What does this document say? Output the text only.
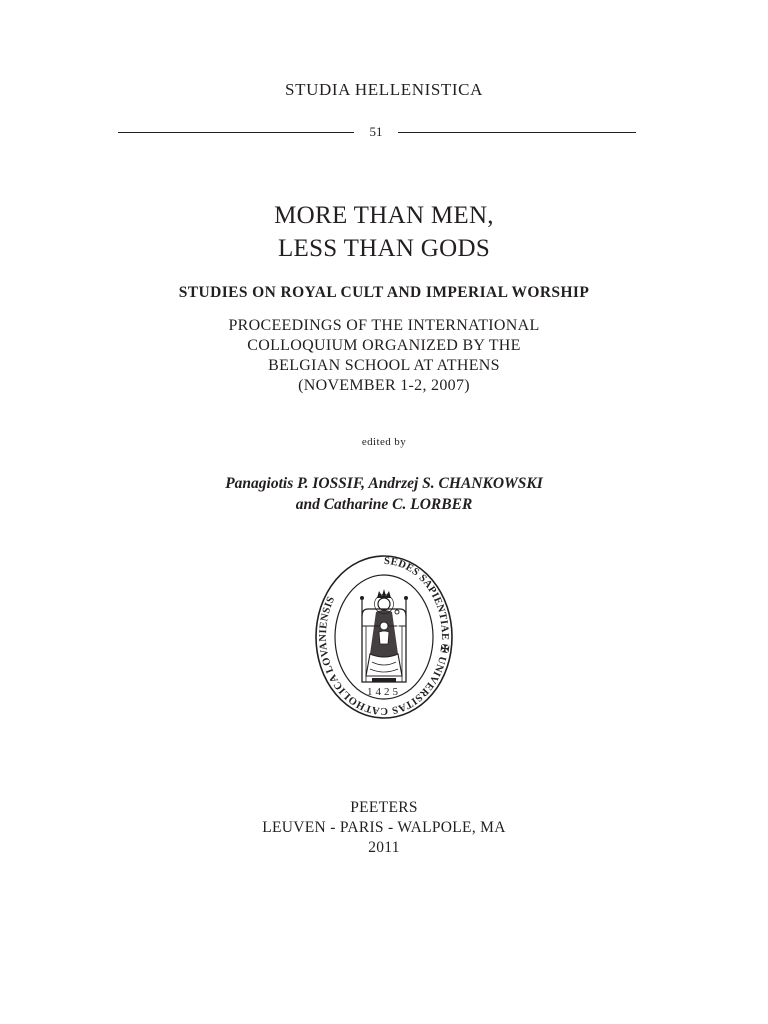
STUDIA HELLENISTICA
51
MORE THAN MEN,
LESS THAN GODS
STUDIES ON ROYAL CULT AND IMPERIAL WORSHIP
PROCEEDINGS OF THE INTERNATIONAL
COLLOQUIUM ORGANIZED BY THE
BELGIAN SCHOOL AT ATHENS
(NOVEMBER 1-2, 2007)
edited by
Panagiotis P. IOSSIF, Andrzej S. CHANKOWSKI
and Catharine C. LORBER
SEDES SAPIENTIAE ✠ UNIVERSITAS CATHOLICA LOVANIENSIS
1425
PEETERS
LEUVEN - PARIS - WALPOLE, MA
2011
